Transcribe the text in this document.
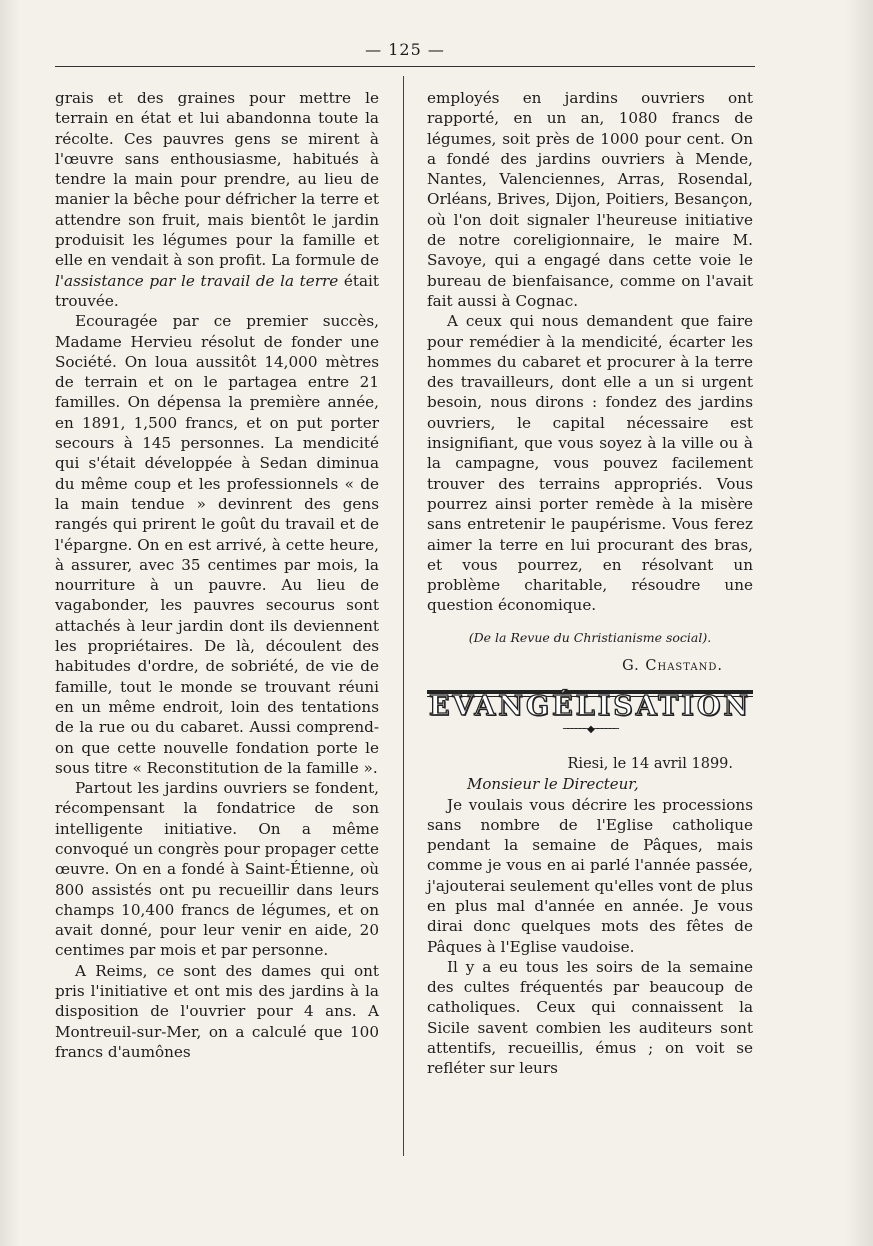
— 125 —

grais et des graines pour mettre le terrain en état et lui abandonna toute la récolte. Ces pauvres gens se mirent à l'œuvre sans enthousiasme, habitués à tendre la main pour prendre, au lieu de manier la bêche pour défricher la terre et attendre son fruit, mais bientôt le jardin produisit les légumes pour la famille et elle en vendait à son profit. La formule de l'assistance par le travail de la terre était trouvée.

Ecouragée par ce premier succès, Madame Hervieu résolut de fonder une Société. On loua aussitôt 14,000 mètres de terrain et on le partagea entre 21 familles. On dépensa la première année, en 1891, 1,500 francs, et on put porter secours à 145 personnes. La mendicité qui s'était développée à Sedan diminua du même coup et les professionnels « de la main tendue » devinrent des gens rangés qui prirent le goût du travail et de l'épargne. On en est arrivé, à cette heure, à assurer, avec 35 centimes par mois, la nourriture à un pauvre. Au lieu de vagabonder, les pauvres secourus sont attachés à leur jardin dont ils deviennent les propriétaires. De là, découlent des habitudes d'ordre, de sobriété, de vie de famille, tout le monde se trouvant réuni en un même endroit, loin des tentations de la rue ou du cabaret. Aussi comprend-on que cette nouvelle fondation porte le sous titre « Reconstitution de la famille ».

Partout les jardins ouvriers se fondent, récompensant la fondatrice de son intelligente initiative. On a même convoqué un congrès pour propager cette œuvre. On en a fondé à Saint-Étienne, où 800 assistés ont pu recueillir dans leurs champs 10,400 francs de légumes, et on avait donné, pour leur venir en aide, 20 centimes par mois et par personne.

A Reims, ce sont des dames qui ont pris l'initiative et ont mis des jardins à la disposition de l'ouvrier pour 4 ans. A Montreuil-sur-Mer, on a calculé que 100 francs d'aumônes

employés en jardins ouvriers ont rapporté, en un an, 1080 francs de légumes, soit près de 1000 pour cent. On a fondé des jardins ouvriers à Mende, Nantes, Valenciennes, Arras, Rosendal, Orléans, Brives, Dijon, Poitiers, Besançon, où l'on doit signaler l'heureuse initiative de notre coreligionnaire, le maire M. Savoye, qui a engagé dans cette voie le bureau de bienfaisance, comme on l'avait fait aussi à Cognac.

A ceux qui nous demandent que faire pour remédier à la mendicité, écarter les hommes du cabaret et procurer à la terre des travailleurs, dont elle a un si urgent besoin, nous dirons : fondez des jardins ouvriers, le capital nécessaire est insignifiant, que vous soyez à la ville ou à la campagne, vous pouvez facilement trouver des terrains appropriés. Vous pourrez ainsi porter remède à la misère sans entretenir le paupérisme. Vous ferez aimer la terre en lui procurant des bras, et vous pourrez, en résolvant un problème charitable, résoudre une question économique.

(De la Revue du Christianisme social).

G. Chastand.

EVANGÉLISATION

──────◆──────

Riesi, le 14 avril 1899.

Monsieur le Directeur,

Je voulais vous décrire les processions sans nombre de l'Eglise catholique pendant la semaine de Pâques, mais comme je vous en ai parlé l'année passée, j'ajouterai seulement qu'elles vont de plus en plus mal d'année en année. Je vous dirai donc quelques mots des fêtes de Pâques à l'Eglise vaudoise.

Il y a eu tous les soirs de la semaine des cultes fréquentés par beaucoup de catholiques. Ceux qui connaissent la Sicile savent combien les auditeurs sont attentifs, recueillis, émus ; on voit se refléter sur leurs
